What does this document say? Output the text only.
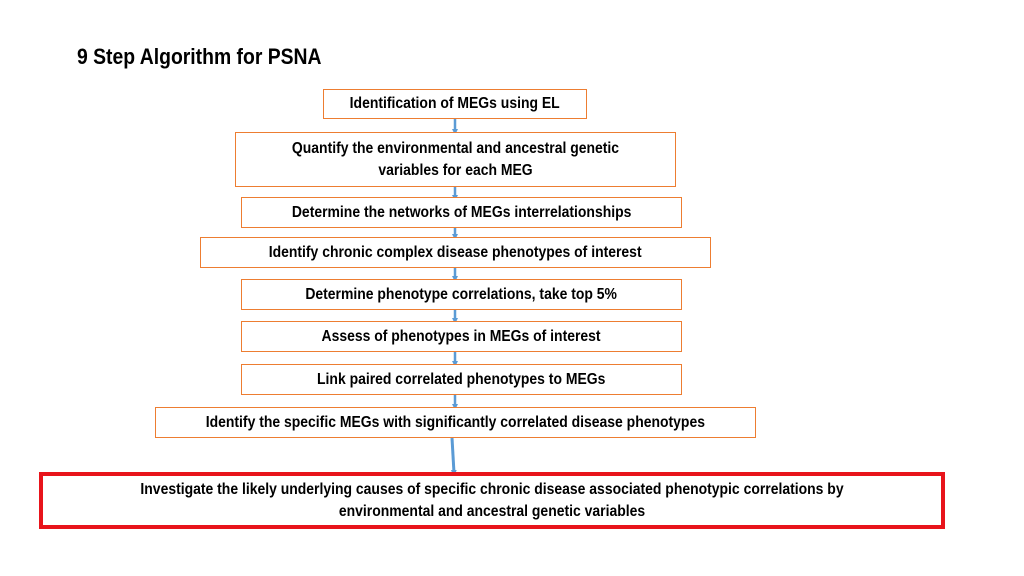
9 Step Algorithm for PSNA
Identification of MEGs using EL
Quantify the environmental and ancestral genetic variables for each MEG
Determine the networks of MEGs interrelationships
Identify chronic complex disease phenotypes of interest
Determine phenotype correlations, take top 5%
Assess of phenotypes in MEGs of interest
Link paired correlated phenotypes to MEGs
Identify the specific MEGs with significantly correlated disease phenotypes
Investigate the likely underlying causes of specific chronic disease associated phenotypic correlations by environmental and ancestral genetic variables
